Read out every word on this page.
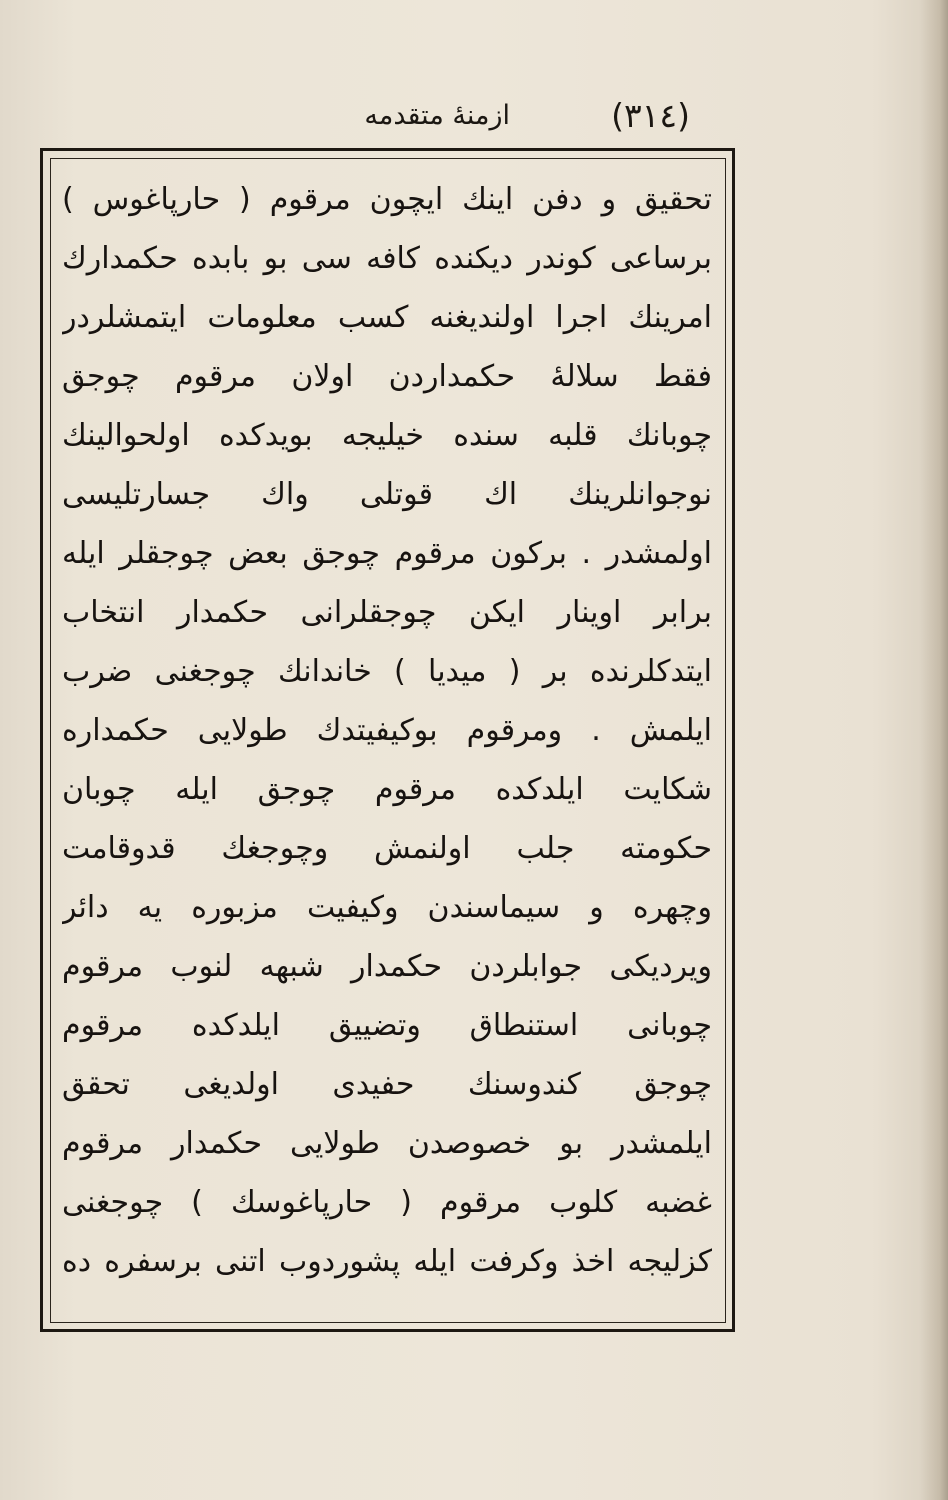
(٣١٤)
ازمنهٔ متقدمه
تحقیق و دفن اینك ایچون مرقوم ( حارپاغوس )
برساعی کوندر دیکنده کافه سی بو بابده حکمدارك
امرینك اجرا اولندیغنه کسب معلومات ایتمشلردر
فقط سلالهٔ حکمداردن اولان مرقوم چوجق
چوبانك قلبه سنده خیلیجه بویدکده اولحوالینك
نوجوانلرینك اك قوتلی واك جسارتلیسی
اولمشدر . برکون مرقوم چوجق بعض چوجقلر ایله
برابر اوینار ایکن چوجقلرانی حکمدار انتخاب
ایتدکلرنده بر ( میدیا ) خاندانك چوجغنی ضرب
ایلمش . ومرقوم بوکیفیتدك طولایی حکمداره
شکایت ایلدکده مرقوم چوجق ایله چوبان
حکومته جلب اولنمش وچوجغك قدوقامت
وچهره و سیماسندن وکیفیت مزبوره یه دائر
ویردیکی جوابلردن حکمدار شبهه لنوب مرقوم
چوبانی استنطاق وتضییق ایلدکده مرقوم
چوجق کندوسنك حفیدی اولدیغی تحقق
ایلمشدر بو خصوصدن طولایی حکمدار مرقوم
غضبه کلوب مرقوم ( حارپاغوسك ) چوجغنی
کزلیجه اخذ وکرفت ایله پشوردوب اتنی برسفره ده
